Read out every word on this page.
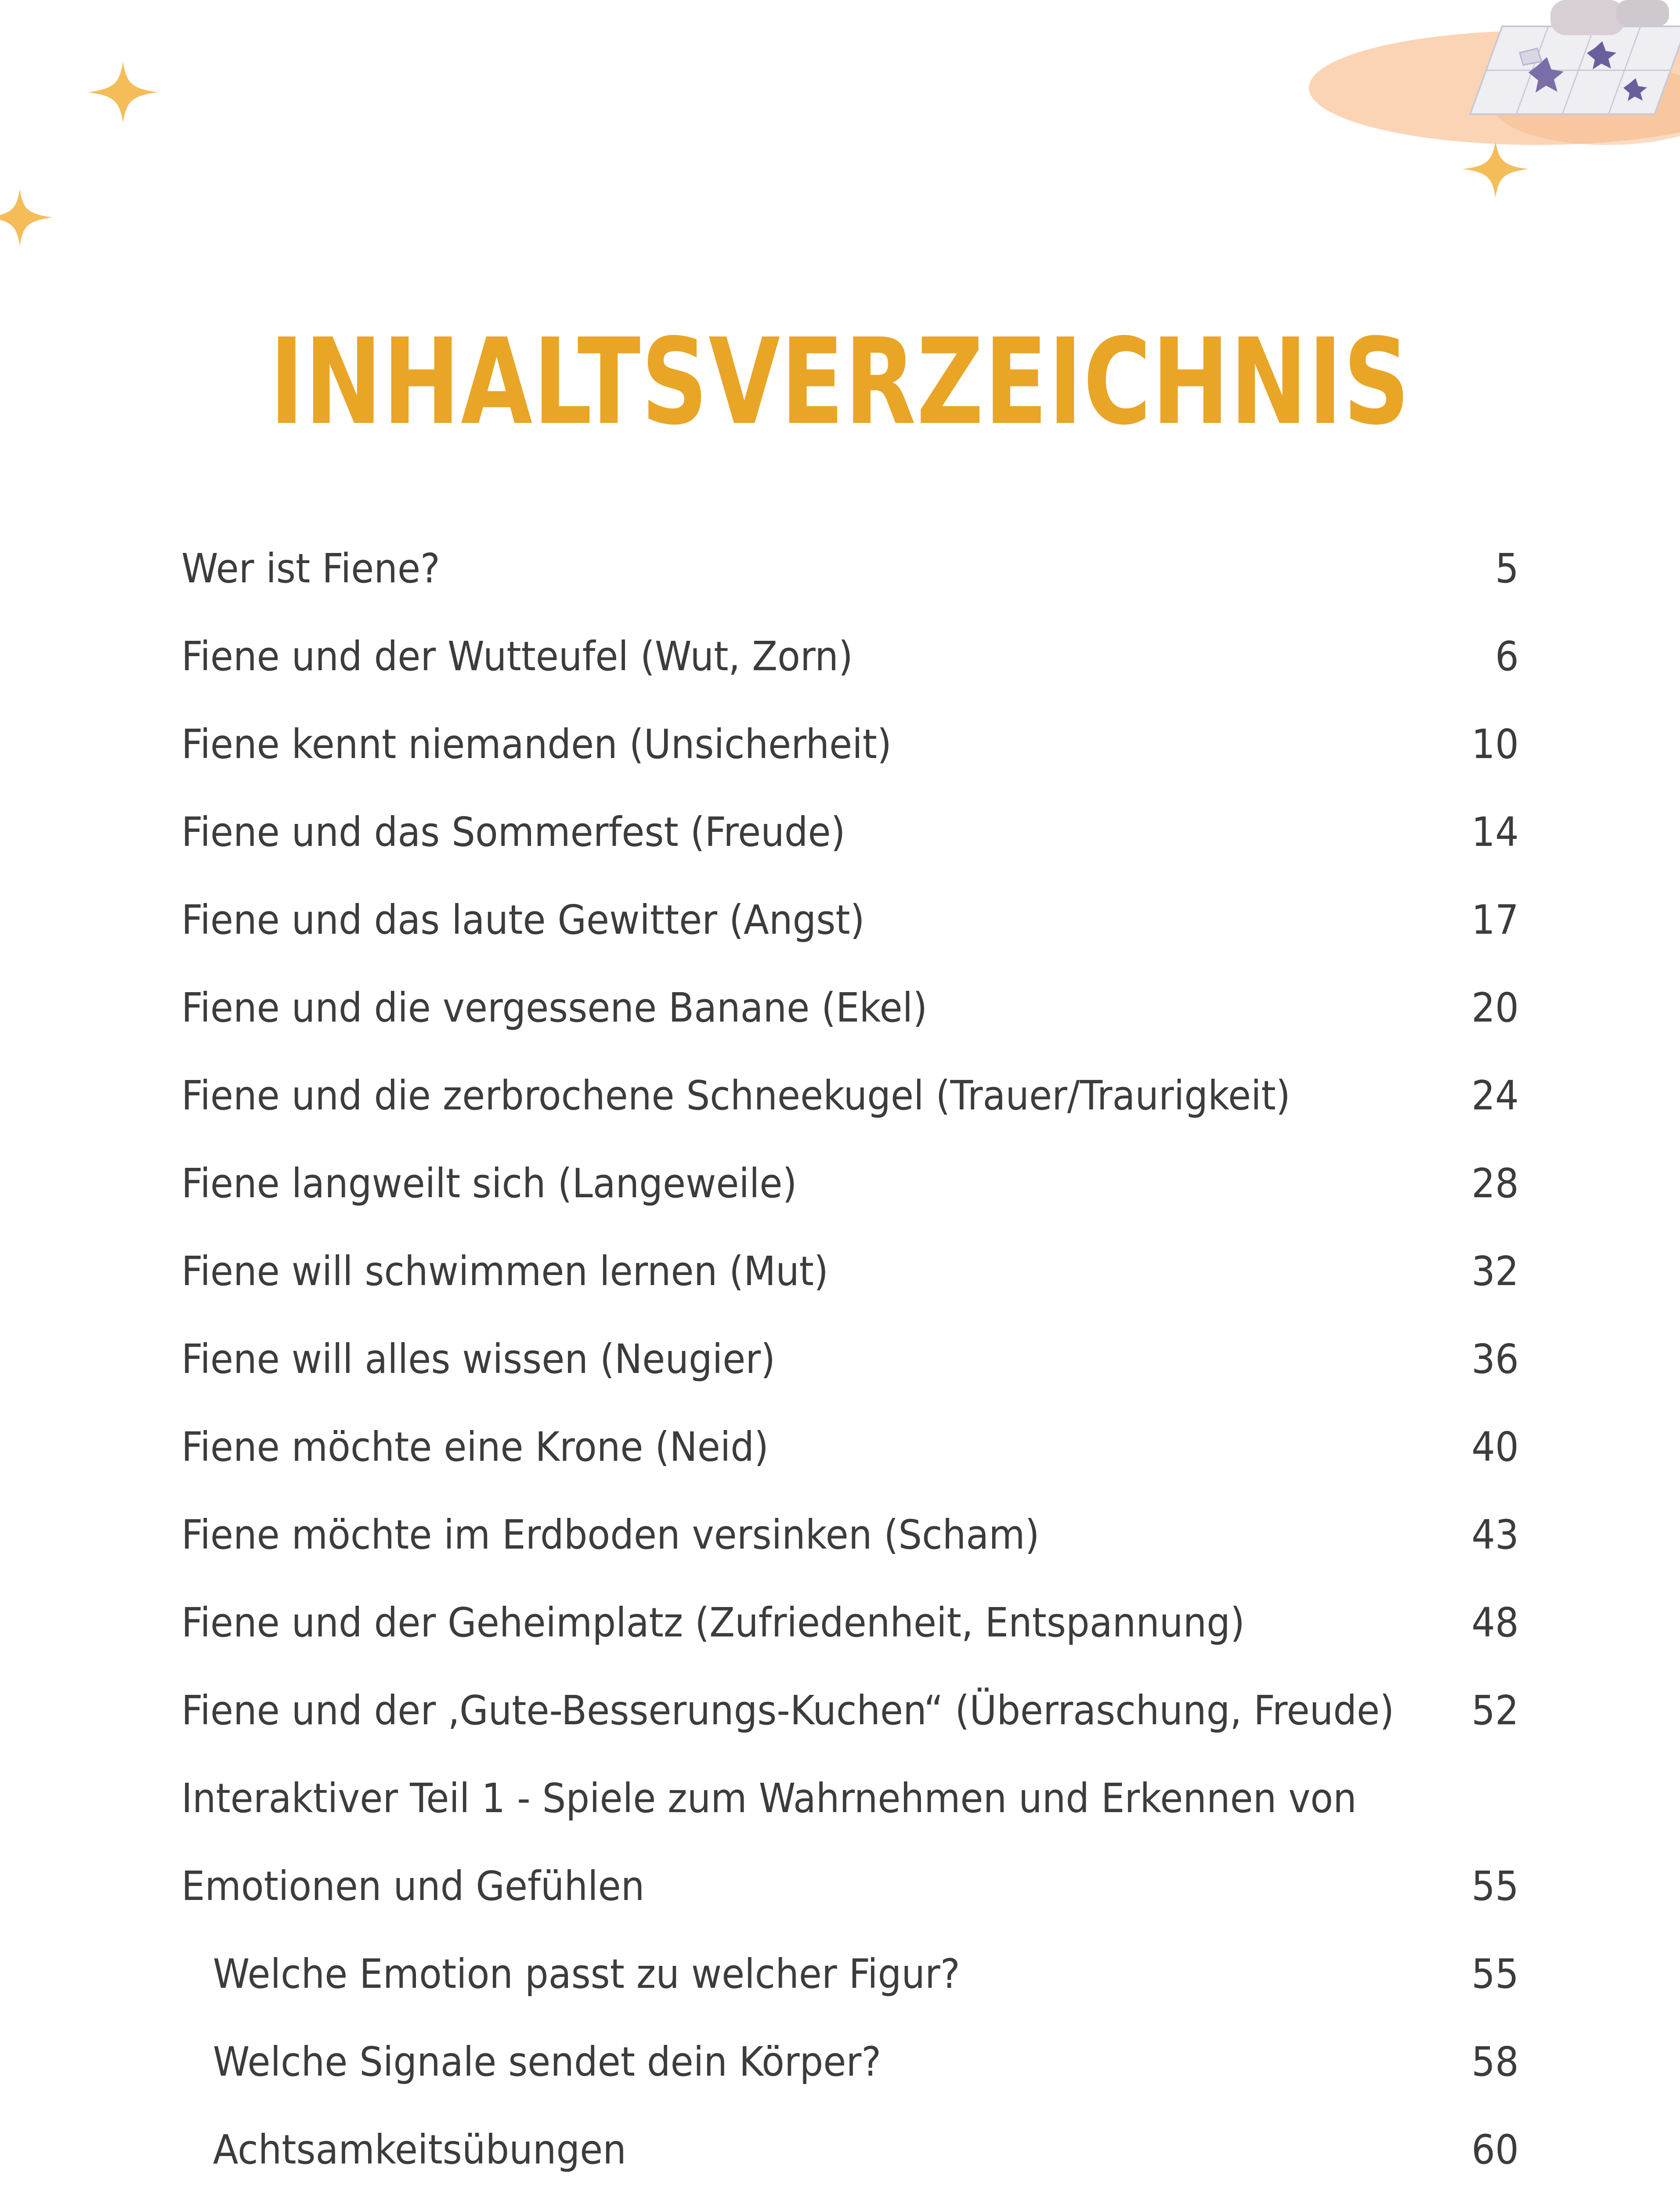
INHALTSVERZEICHNIS
Wer ist Fiene?	5
Fiene und der Wutteufel (Wut, Zorn)	6
Fiene kennt niemanden (Unsicherheit)	10
Fiene und das Sommerfest (Freude)	14
Fiene und das laute Gewitter (Angst)	17
Fiene und die vergessene Banane (Ekel)	20
Fiene und die zerbrochene Schneekugel (Trauer/Traurigkeit)	24
Fiene langweilt sich (Langeweile)	28
Fiene will schwimmen lernen (Mut)	32
Fiene will alles wissen (Neugier)	36
Fiene möchte eine Krone (Neid)	40
Fiene möchte im Erdboden versinken (Scham)	43
Fiene und der Geheimplatz (Zufriedenheit, Entspannung)	48
Fiene und der ‚Gute-Besserungs-Kuchen“ (Überraschung, Freude) 52
Interaktiver Teil 1 - Spiele zum Wahrnehmen und Erkennen von
Emotionen und Gefühlen	55
Welche Emotion passt zu welcher Figur?	55
Welche Signale sendet dein Körper?	58
Achtsamkeitsübungen	60
